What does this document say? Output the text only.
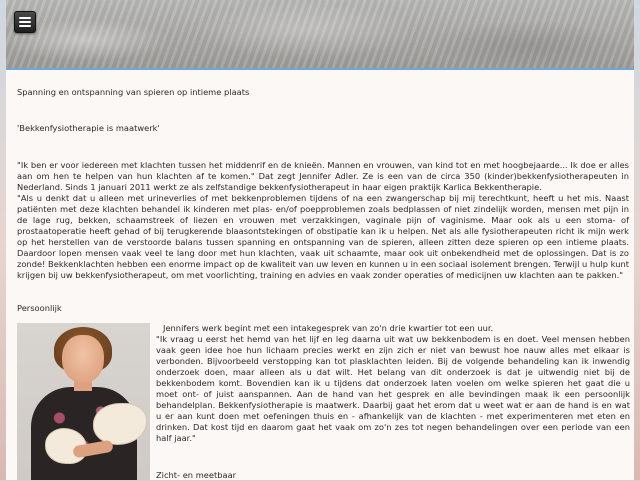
Spanning en ontspanning van spieren op intieme plaats

'Bekkenfysiotherapie is maatwerk'

"Ik ben er voor iedereen met klachten tussen het middenrif en de knieën. Mannen en vrouwen, van kind tot en met hoogbejaarde... Ik doe er alles aan om hen te helpen van hun klachten af te komen." Dat zegt Jennifer Adler. Ze is een van de circa 350 (kinder)bekkenfysiotherapeuten in Nederland. Sinds 1 januari 2011 werkt ze als zelfstandige bekkenfysiotherapeut in haar eigen praktijk Karlica Bekkentherapie.

"Als u denkt dat u alleen met urineverlies of met bekkenproblemen tijdens of na een zwangerschap bij mij terechtkunt, heeft u het mis. Naast patiënten met deze klachten behandel ik kinderen met plas- en/of poepproblemen zoals bedplassen of niet zindelijk worden, mensen met pijn in de lage rug, bekken, schaamstreek of liezen en vrouwen met verzakkingen, vaginale pijn of vaginisme. Maar ook als u een stoma- of prostaatoperatie heeft gehad of bij terugkerende blaasontstekingen of obstipatie kan ik u helpen. Net als alle fysiotherapeuten richt ik mijn werk op het herstellen van de verstoorde balans tussen spanning en ontspanning van de spieren, alleen zitten deze spieren op een intieme plaats. Daardoor lopen mensen vaak veel te lang door met hun klachten, vaak uit schaamte, maar ook uit onbekendheid met de oplossingen. Dat is zo zonde! Bekkenklachten hebben een enorme impact op de kwaliteit van uw leven en kunnen u in een sociaal isolement brengen. Terwijl u hulp kunt krijgen bij uw bekkenfysiotherapeut, om met voorlichting, training en advies en vaak zonder operaties of medicijnen uw klachten aan te pakken."

Persoonlijk

Jennifers werk begint met een intakegesprek van zo'n drie kwartier tot een uur.

"Ik vraag u eerst het hemd van het lijf en leg daarna uit wat uw bekkenbodem is en doet. Veel mensen hebben vaak geen idee hoe hun lichaam precies werkt en zijn zich er niet van bewust hoe nauw alles met elkaar is verbonden. Bijvoorbeeld verstopping kan tot plasklachten leiden. Bij de volgende behandeling kan ik inwendig onderzoek doen, maar alleen als u dat wilt. Het belang van dit onderzoek is dat je uitwendig niet bij de bekkenbodem komt. Bovendien kan ik u tijdens dat onderzoek laten voelen om welke spieren het gaat die u moet ont- of juist aanspannen. Aan de hand van het gesprek en alle bevindingen maak ik een persoonlijk behandelplan. Bekkenfysiotherapie is maatwerk. Daarbij gaat het erom dat u weet wat er aan de hand is en wat u er aan kunt doen met oefeningen thuis en - afhankelijk van de klachten - met experimenteren met eten en drinken. Dat kost tijd en daarom gaat het vaak om zo'n zes tot negen behandelingen over een periode van een half jaar."

Zicht- en meetbaar
